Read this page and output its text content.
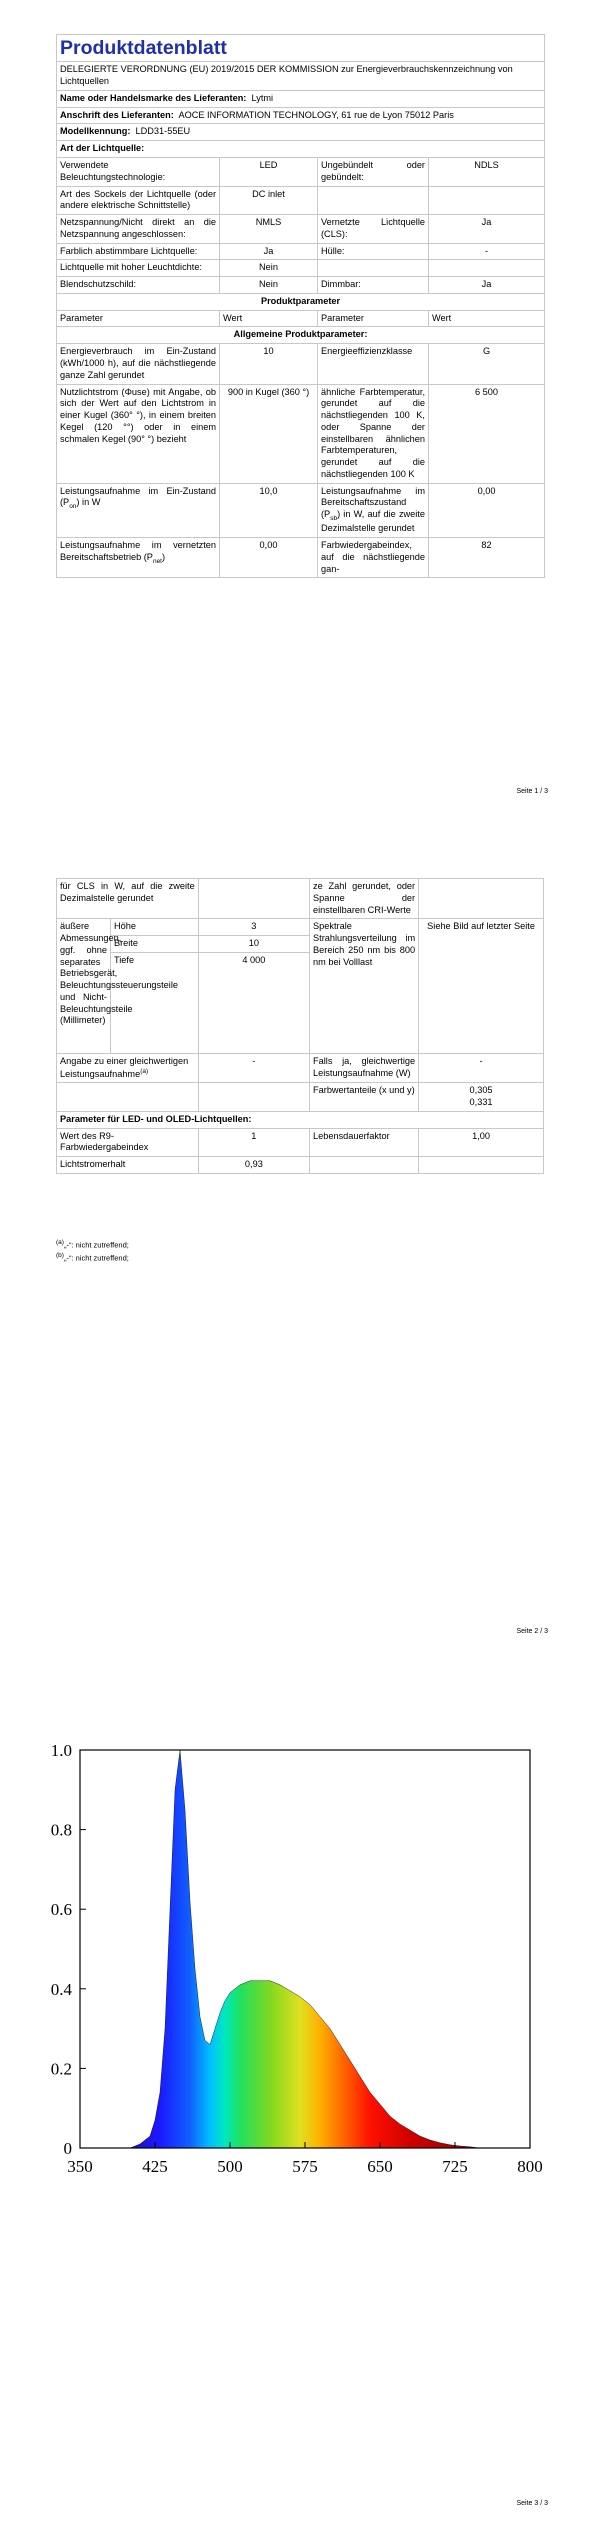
Produktdatenblatt			
DELEGIERTE VERORDNUNG (EU) 2019/2015 DER KOMMISSION zur Energieverbrauchskennzeichnung von Lichtquellen			
Name oder Handelsmarke des Lieferanten: Lytmi			
Anschrift des Lieferanten: AOCE INFORMATION TECHNOLOGY, 61 rue de Lyon 75012 Paris			
Modellkennung: LDD31-55EU			
Art der Lichtquelle:			
Verwendete Beleuchtungstechnologie:	LED	Ungebündelt oder gebündelt:	NDLS
Art des Sockels der Lichtquelle (oder andere elektrische Schnittstelle)	DC inlet		
Netzspannung/Nicht direkt an die Netzspannung angeschlossen:	NMLS	Vernetzte Lichtquelle (CLS):	Ja
Farblich abstimmbare Lichtquelle:	Ja	Hülle:	-
Lichtquelle mit hoher Leuchtdichte:	Nein		
Blendschutzschild:	Nein	Dimmbar:	Ja
Produktparameter			
Parameter	Wert	Parameter	Wert
Allgemeine Produktparameter:			
Energieverbrauch im Ein-Zustand (kWh/1000 h), auf die nächstliegende ganze Zahl gerundet	10	Energieeffizienzklasse	G
Nutzlichtstrom (Φuse) mit Angabe, ob sich der Wert auf den Lichtstrom in einer Kugel (360° °), in einem breiten Kegel (120 °°) oder in einem schmalen Kegel (90° °) bezieht	900 in Kugel (360 °)	ähnliche Farbtemperatur, gerundet auf die nächstliegenden 100 K, oder Spanne der einstellbaren ähnlichen Farbtemperaturen, gerundet auf die nächstliegenden 100 K	6 500
Leistungsaufnahme im Ein-Zustand $(P_{on})$ in W	10,0	Leistungsaufnahme im Bereitschaftszustand $(P_{sb})$ in W, auf die zweite Dezimalstelle gerundet	0,00
Leistungsaufnahme im vernetzten Bereitschaftsbetrieb $(P_{net})$	0,00	Farbwiedergabeindex, auf die nächstliegende gan-	82
Seite 1 / 3
für CLS in W, auf die zweite Dezimalstelle gerundet			ze Zahl gerundet, oder Spanne der einstellbaren CRI-Werte	
äußere Abmessungen, ggf. ohne separates Betriebsgerät, Beleuchtungssteuerungsteile und Nicht-Beleuchtungsteile (Millimeter)	Höhe	3	Spektrale Strahlungsverteilung im Bereich 250 nm bis 800 nm bei Volllast	Siehe Bild auf letzter Seite
	Breite	10		
	Tiefe	4 000		
Angabe zu einer gleichwertigen Leistungsaufnahme$^{(a)}$		-	Falls ja, gleichwertige Leistungsaufnahme (W)	-
			Farbwertanteile (x und y)	0,305
0,331
Parameter für LED- und OLED-Lichtquellen:				
Wert des R9-Farbwiedergabeindex		1	Lebensdauerfaktor	1,00
Lichtstromerhalt		0,93		
(a)„-“: nicht zutreffend;
(b)„-“: nicht zutreffend;
Seite 2 / 3
350	425	500	575	650	725	800
0
0.2
0.4
0.6
0.8
1.0
Seite 3 / 3
